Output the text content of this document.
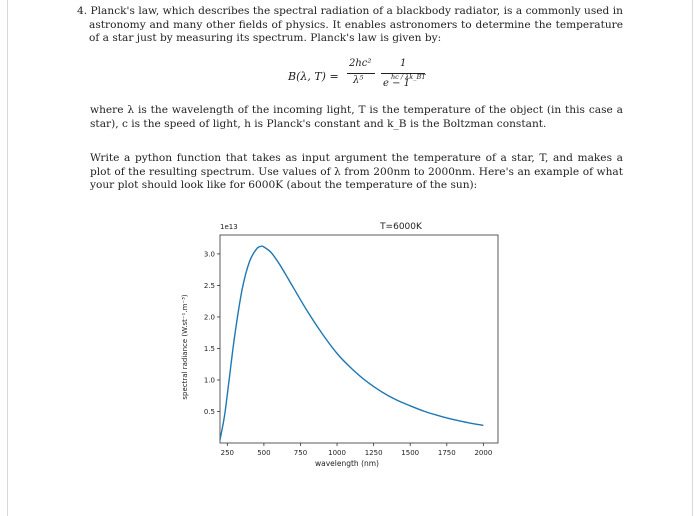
4. Planck's law, which describes the spectral radiation of a blackbody radiator, is a commonly used in astronomy and many other fields of physics. It enables astronomers to determine the temperature of a star just by measuring its spectrum. Planck's law is given by:

B(λ, T) =
2hc²
λ⁵
1
hc / λk_BT
e − 1

where λ is the wavelength of the incoming light, T is the temperature of the object (in this case a star), c is the speed of light, h is Planck's constant and k_B is the Boltzman constant.

Write a python function that takes as input argument the temperature of a star, T, and makes a plot of the resulting spectrum. Use values of λ from 200nm to 2000nm. Here's an example of what your plot should look like for 6000K (about the temperature of the sun):

0.5
1.0
1.5
2.0
2.5
3.0
250	500	750	1000	1250	1500	1750	2000
T=6000K
1e13
wavelength (nm)
spectral radiance (W.st⁻¹.m⁻³)
